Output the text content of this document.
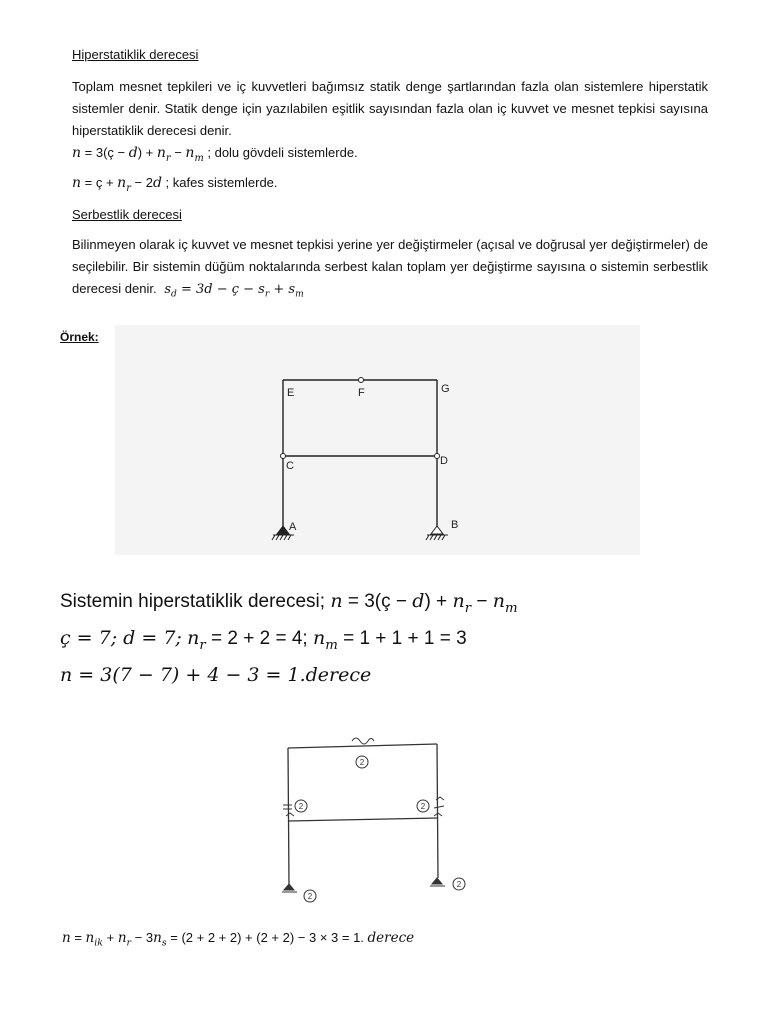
Hiperstatiklik derecesi
Toplam mesnet tepkileri ve iç kuvvetleri bağımsız statik denge şartlarından fazla olan sistemlere hiperstatik sistemler denir. Statik denge için yazılabilen eşitlik sayısından fazla olan iç kuvvet ve mesnet tepkisi sayısına hiperstatiklik derecesi denir.
n = 3(ç − $d) + n_r - n_m$ ; dolu gövdeli sistemlerde.
n = ç + $n_r - 2d$ ; kafes sistemlerde.
Serbestlik derecesi
Bilinmeyen olarak iç kuvvet ve mesnet tepkisi yerine yer değiştirmeler (açısal ve doğrusal yer değiştirmeler) de seçilebilir. Bir sistemin düğüm noktalarında serbest kalan toplam yer değiştirme sayısına o sistemin serbestlik derecesi denir.  $s_d = 3d$ − ç − $s_r + s_m$
Örnek:
E	F	G
C	D
A	B
2
2	2
2
2
Sistemin hiperstatiklik derecesi; n = 3(ç − $d) + n_r - n_m$
ç = 7; d = 7; $n_r = 2 + 2 = 4$; $n_m = 1 + 1 + 1 = 3$
n = 3(7 − 7) + 4 − 3 = 1.derece
$n = n_{ik} + n_r - 3n_s = (2 + 2 + 2) + (2 + 2) - 3 \times 3 = 1$. derece
